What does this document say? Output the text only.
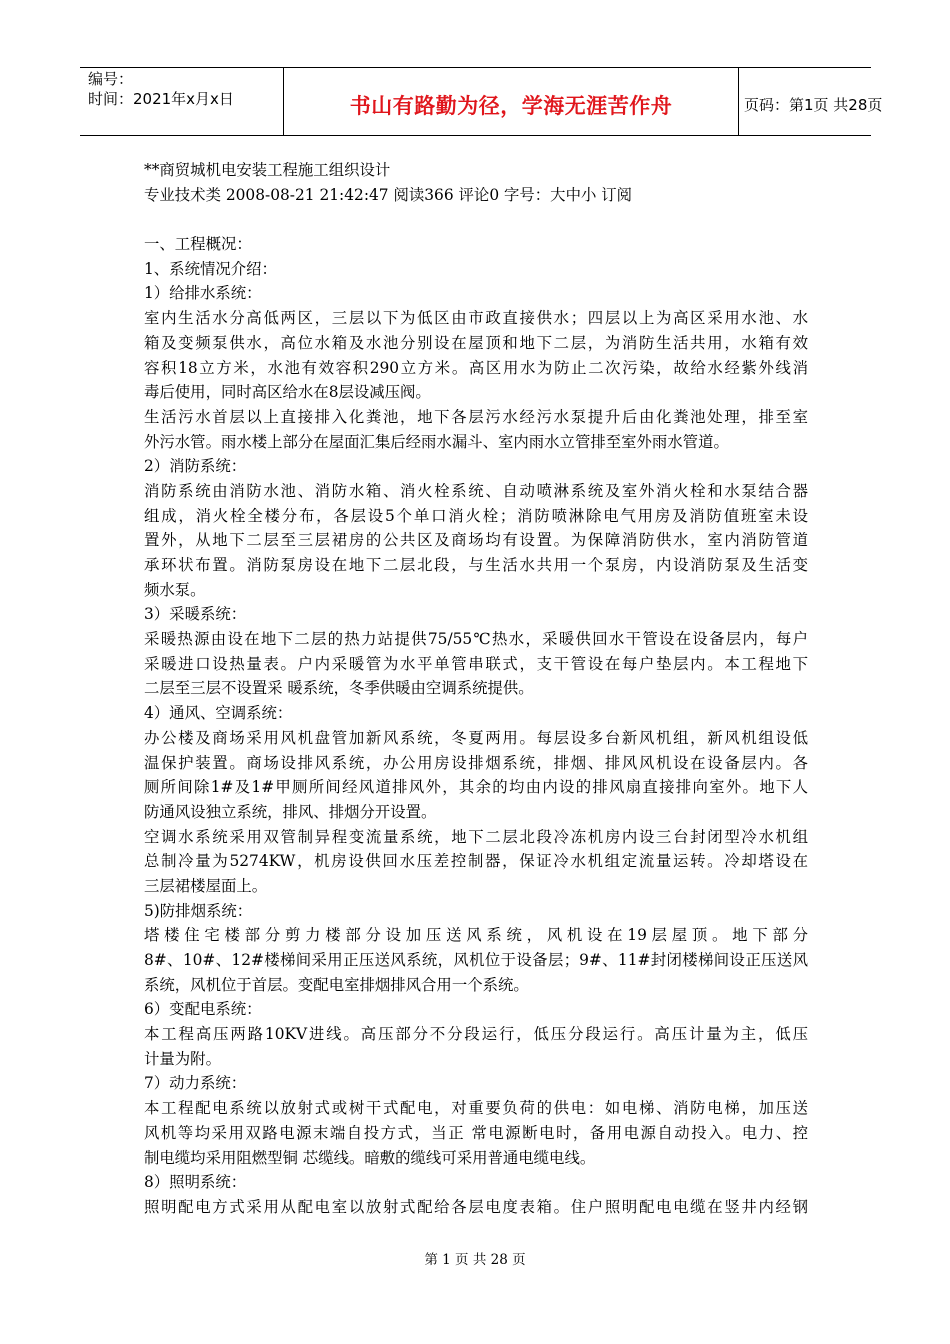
编号：
时间：2021年x月x日	书山有路勤为径，学海无涯苦作舟	页码：第1页 共28页
**商贸城机电安装工程施工组织设计
专业技术类 2008-08-21 21:42:47 阅读366 评论0 字号：大中小 订阅
一、工程概况：
1、系统情况介绍：
1）给排水系统：
室内生活水分高低两区，三层以下为低区由市政直接供水；四层以上为高区采用水池、水
箱及变频泵供水，高位水箱及水池分别设在屋顶和地下二层，为消防生活共用，水箱有效
容积18立方米，水池有效容积290立方米。高区用水为防止二次污染，故给水经紫外线消
毒后使用，同时高区给水在8层设减压阀。
生活污水首层以上直接排入化粪池，地下各层污水经污水泵提升后由化粪池处理，排至室
外污水管。雨水楼上部分在屋面汇集后经雨水漏斗、室内雨水立管排至室外雨水管道。
2）消防系统：
消防系统由消防水池、消防水箱、消火栓系统、自动喷淋系统及室外消火栓和水泵结合器
组成，消火栓全楼分布，各层设5个单口消火栓；消防喷淋除电气用房及消防值班室未设
置外，从地下二层至三层裙房的公共区及商场均有设置。为保障消防供水，室内消防管道
承环状布置。消防泵房设在地下二层北段，与生活水共用一个泵房，内设消防泵及生活变
频水泵。
3）采暖系统：
采暖热源由设在地下二层的热力站提供75/55℃热水，采暖供回水干管设在设备层内，每户
采暖进口设热量表。户内采暖管为水平单管串联式，支干管设在每户垫层内。本工程地下
二层至三层不设置采 暖系统，冬季供暖由空调系统提供。
4）通风、空调系统：
办公楼及商场采用风机盘管加新风系统，冬夏两用。每层设多台新风机组，新风机组设低
温保护装置。商场设排风系统，办公用房设排烟系统，排烟、排风风机设在设备层内。各
厕所间除1#及1#甲厕所间经风道排风外，其余的均由内设的排风扇直接排向室外。地下人
防通风设独立系统，排风、排烟分开设置。
空调水系统采用双管制异程变流量系统，地下二层北段冷冻机房内设三台封闭型冷水机组
总制冷量为5274KW，机房设供回水压差控制器，保证冷水机组定流量运转。冷却塔设在
三层裙楼屋面上。
5)防排烟系统：
塔楼住宅楼部分剪力楼部分设加压送风系统，风机设在19层屋顶。地下部分
8#、10#、12#楼梯间采用正压送风系统，风机位于设备层；9#、11#封闭楼梯间设正压送风
系统，风机位于首层。变配电室排烟排风合用一个系统。
6）变配电系统：
本工程高压两路10KV进线。高压部分不分段运行，低压分段运行。高压计量为主，低压
计量为附。
7）动力系统：
本工程配电系统以放射式或树干式配电，对重要负荷的供电：如电梯、消防电梯，加压送
风机等均采用双路电源末端自投方式，当正 常电源断电时，备用电源自动投入。电力、控
制电缆均采用阻燃型铜 芯缆线。暗敷的缆线可采用普通电缆电线。
8）照明系统：
照明配电方式采用从配电室以放射式配给各层电度表箱。住户照明配电电缆在竖井内经钢
第 1 页 共 28 页
